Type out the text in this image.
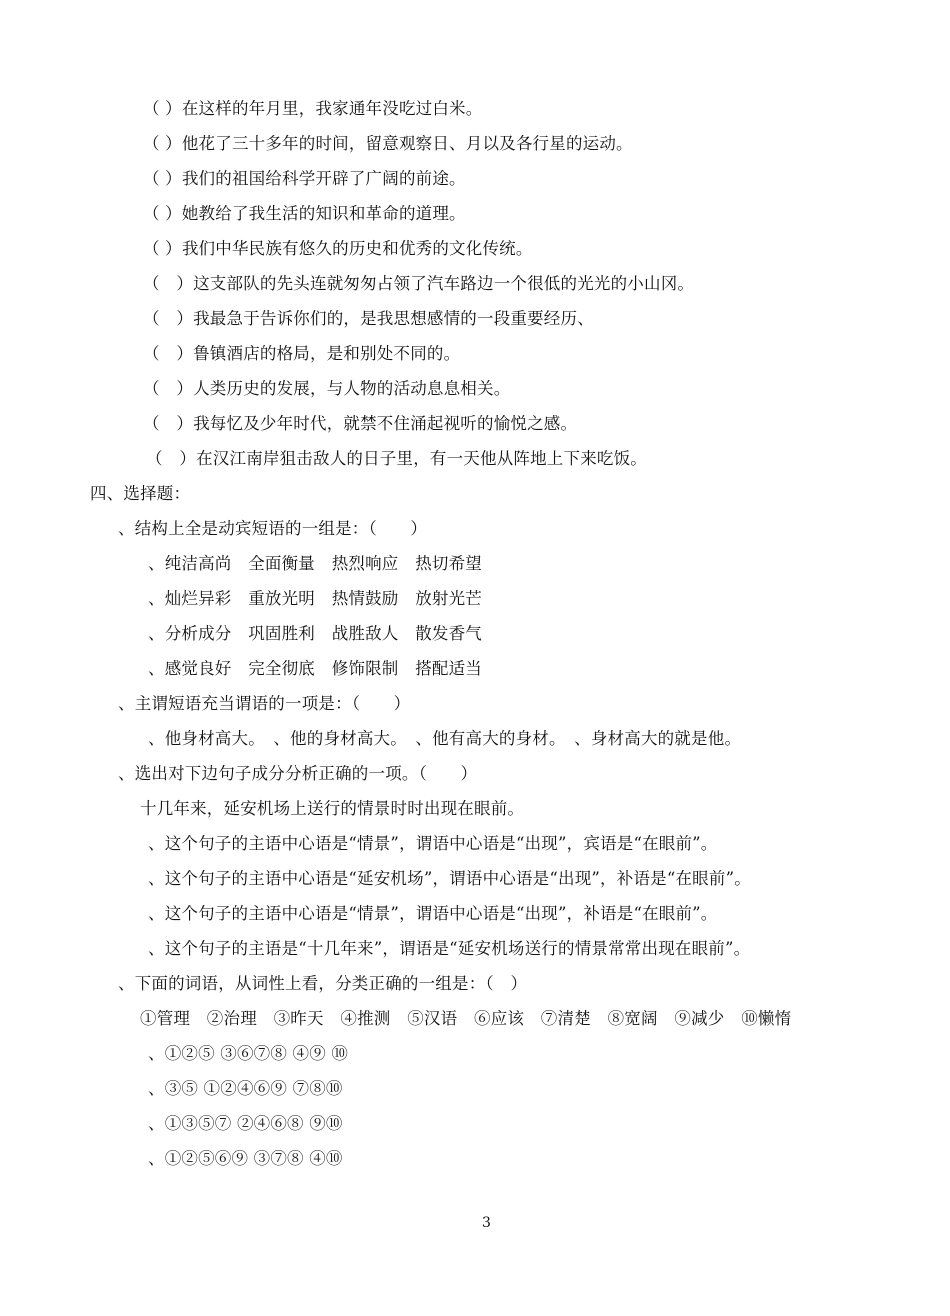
（ ）在这样的年月里，我家通年没吃过白米。
（ ）他花了三十多年的时间，留意观察日、月以及各行星的运动。
（ ）我们的祖国给科学开辟了广阔的前途。
（ ）她教给了我生活的知识和革命的道理。
（ ）我们中华民族有悠久的历史和优秀的文化传统。
（　）这支部队的先头连就匆匆占领了汽车路边一个很低的光光的小山冈。
（　）我最急于告诉你们的，是我思想感情的一段重要经历、
（　）鲁镇酒店的格局，是和别处不同的。
（　）人类历史的发展，与人物的活动息息相关。
（　）我每忆及少年时代，就禁不住涌起视听的愉悦之感。
（　）在汉江南岸狙击敌人的日子里，有一天他从阵地上下来吃饭。
四、选择题：
、结构上全是动宾短语的一组是：（　　）
、纯洁高尚　全面衡量　热烈响应　热切希望
、灿烂异彩　重放光明　热情鼓励　放射光芒
、分析成分　巩固胜利　战胜敌人　散发香气
、感觉良好　完全彻底　修饰限制　搭配适当
、主谓短语充当谓语的一项是：（　　）
、他身材高大。　、他的身材高大。　、他有高大的身材。　、身材高大的就是他。
、选出对下边句子成分分析正确的一项。（　　）
十几年来，延安机场上送行的情景时时出现在眼前。
、这个句子的主语中心语是“情景”，谓语中心语是“出现”，宾语是“在眼前”。
、这个句子的主语中心语是“延安机场”，谓语中心语是“出现”，补语是“在眼前”。
、这个句子的主语中心语是“情景”，谓语中心语是“出现”，补语是“在眼前”。
、这个句子的主语是“十几年来”，谓语是“延安机场送行的情景常常出现在眼前”。
、下面的词语，从词性上看，分类正确的一组是：（　）
①管理　②治理　③昨天　④推测　⑤汉语　⑥应该　⑦清楚　⑧宽阔　⑨减少　⑩懒惰
、①②⑤ ③⑥⑦⑧ ④⑨ ⑩
、③⑤ ①②④⑥⑨ ⑦⑧⑩
、①③⑤⑦ ②④⑥⑧ ⑨⑩
、①②⑤⑥⑨ ③⑦⑧ ④⑩
3
